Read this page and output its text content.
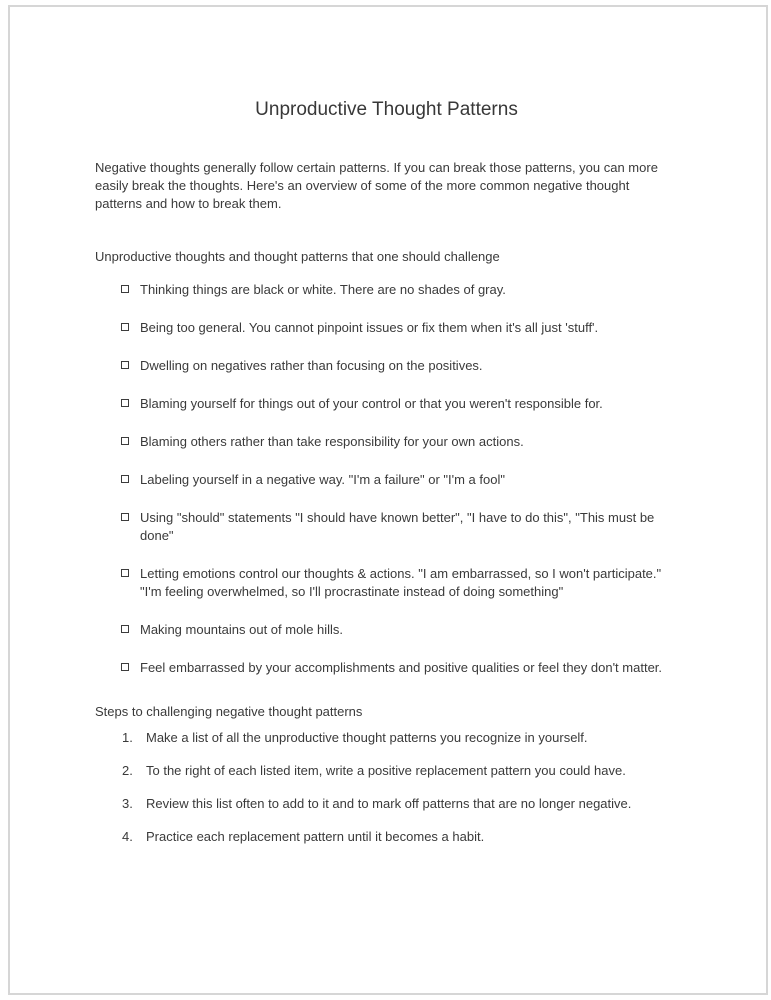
Unproductive Thought Patterns

Negative thoughts generally follow certain patterns. If you can break those patterns, you can more easily break the thoughts. Here's an overview of some of the more common negative thought patterns and how to break them.

Unproductive thoughts and thought patterns that one should challenge

Thinking things are black or white. There are no shades of gray.
Being too general. You cannot pinpoint issues or fix them when it's all just 'stuff'.
Dwelling on negatives rather than focusing on the positives.
Blaming yourself for things out of your control or that you weren't responsible for.
Blaming others rather than take responsibility for your own actions.
Labeling yourself in a negative way. "I'm a failure" or "I'm a fool"
Using "should" statements "I should have known better", "I have to do this", "This must be done"
Letting emotions control our thoughts & actions. "I am embarrassed, so I won't participate." "I'm feeling overwhelmed, so I'll procrastinate instead of doing something"
Making mountains out of mole hills.
Feel embarrassed by your accomplishments and positive qualities or feel they don't matter.

Steps to challenging negative thought patterns

1.	Make a list of all the unproductive thought patterns you recognize in yourself.
2.	To the right of each listed item, write a positive replacement pattern you could have.
3.	Review this list often to add to it and to mark off patterns that are no longer negative.
4.	Practice each replacement pattern until it becomes a habit.
